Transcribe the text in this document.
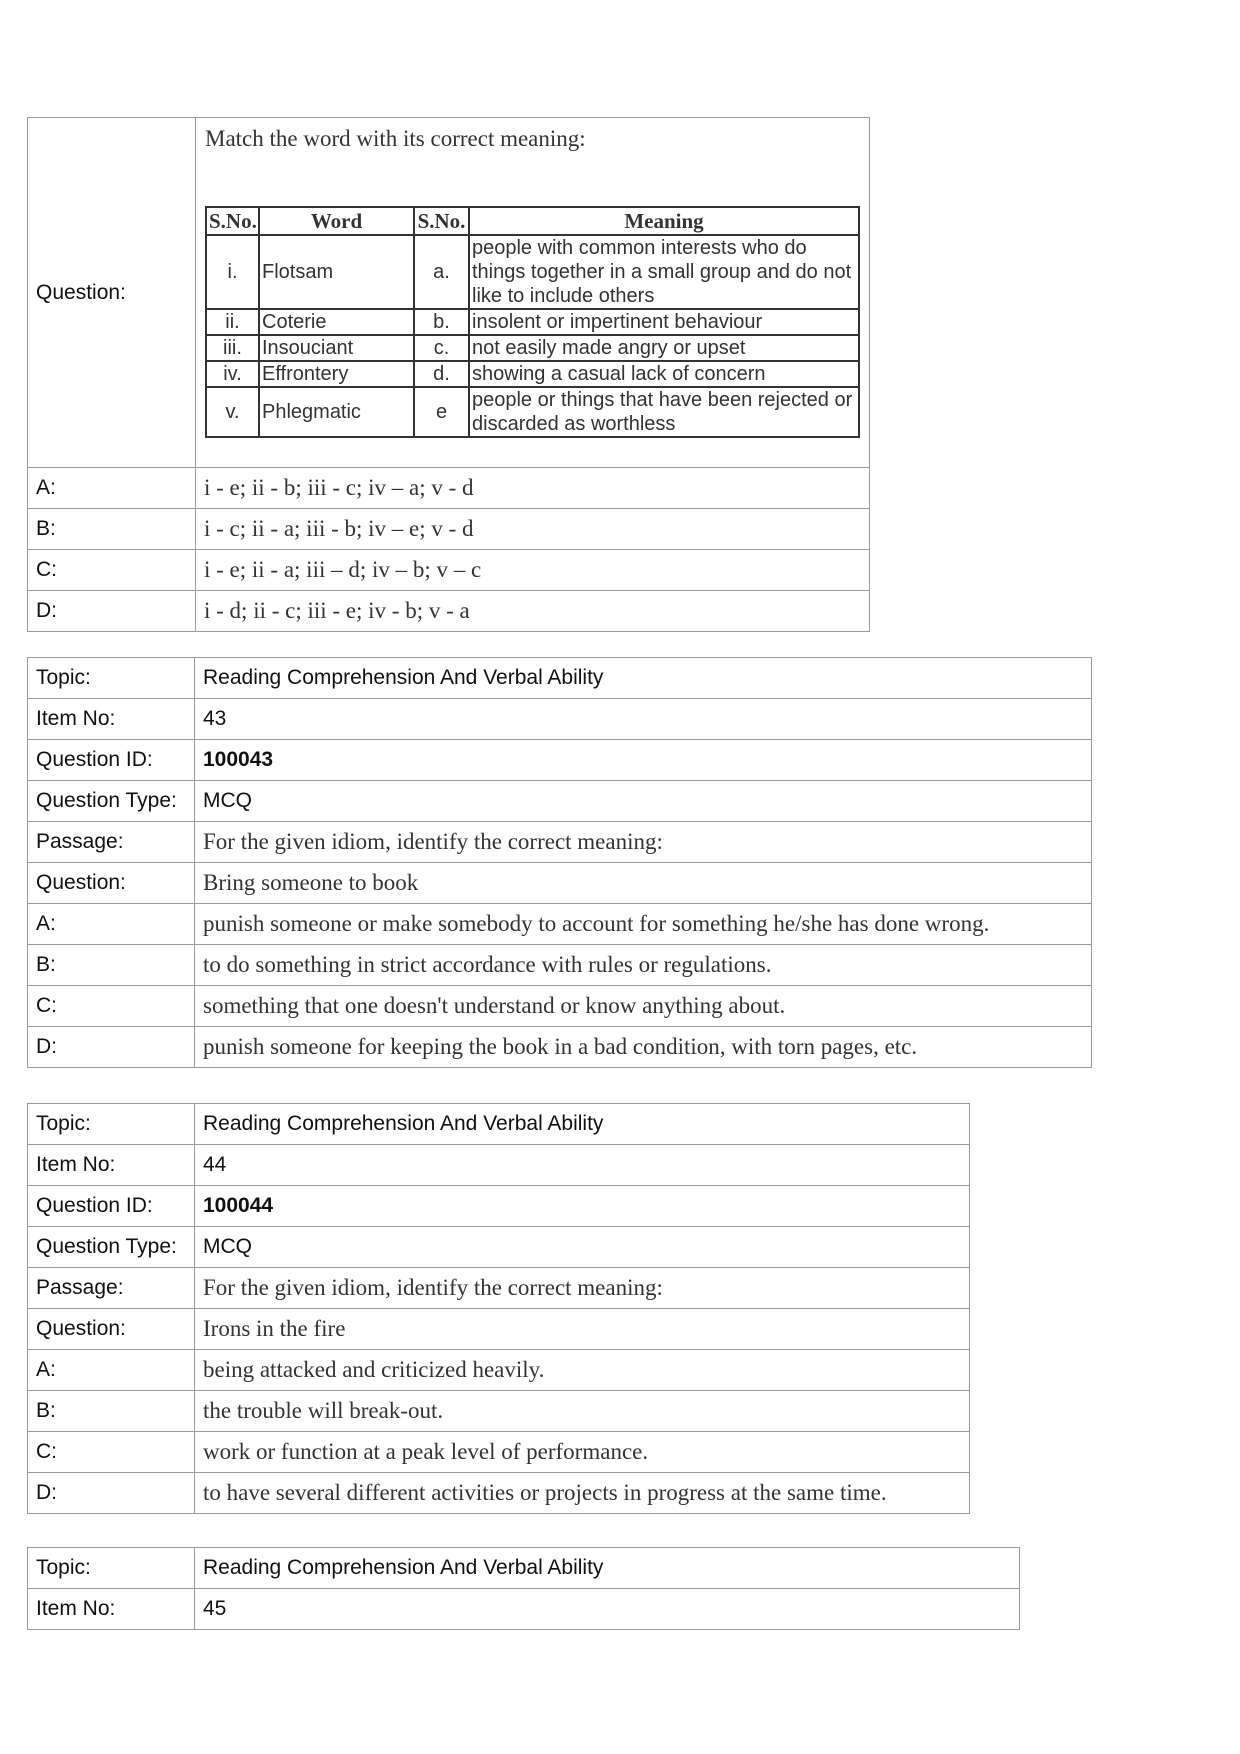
Question:	
Match the word with its correct meaning:
S.No.	Word	S.No.	Meaning
i.	Flotsam	a.	people with common interests who do things together in a small group and do not like to include others
ii.	Coterie	b.	insolent or impertinent behaviour
iii.	Insouciant	c.	not easily made angry or upset
iv.	Effrontery	d.	showing a casual lack of concern
v.	Phlegmatic	e	people or things that have been rejected or discarded as worthless

A:	i - e; ii - b; iii - c; iv – a; v - d
B:	i - c; ii - a; iii - b; iv – e; v - d
C:	i - e; ii - a; iii – d; iv – b; v – c
D:	i - d; ii - c; iii - e; iv - b; v - a
Topic:	Reading Comprehension And Verbal Ability
Item No:	43
Question ID:	100043
Question Type:	MCQ
Passage:	For the given idiom, identify the correct meaning:
Question:	Bring someone to book
A:	punish someone or make somebody to account for something he/she has done wrong.
B:	to do something in strict accordance with rules or regulations.
C:	something that one doesn't understand or know anything about.
D:	punish someone for keeping the book in a bad condition, with torn pages, etc.
Topic:	Reading Comprehension And Verbal Ability
Item No:	44
Question ID:	100044
Question Type:	MCQ
Passage:	For the given idiom, identify the correct meaning:
Question:	Irons in the fire
A:	being attacked and criticized heavily.
B:	the trouble will break-out.
C:	work or function at a peak level of performance.
D:	to have several different activities or projects in progress at the same time.
Topic:	Reading Comprehension And Verbal Ability
Item No:	45
